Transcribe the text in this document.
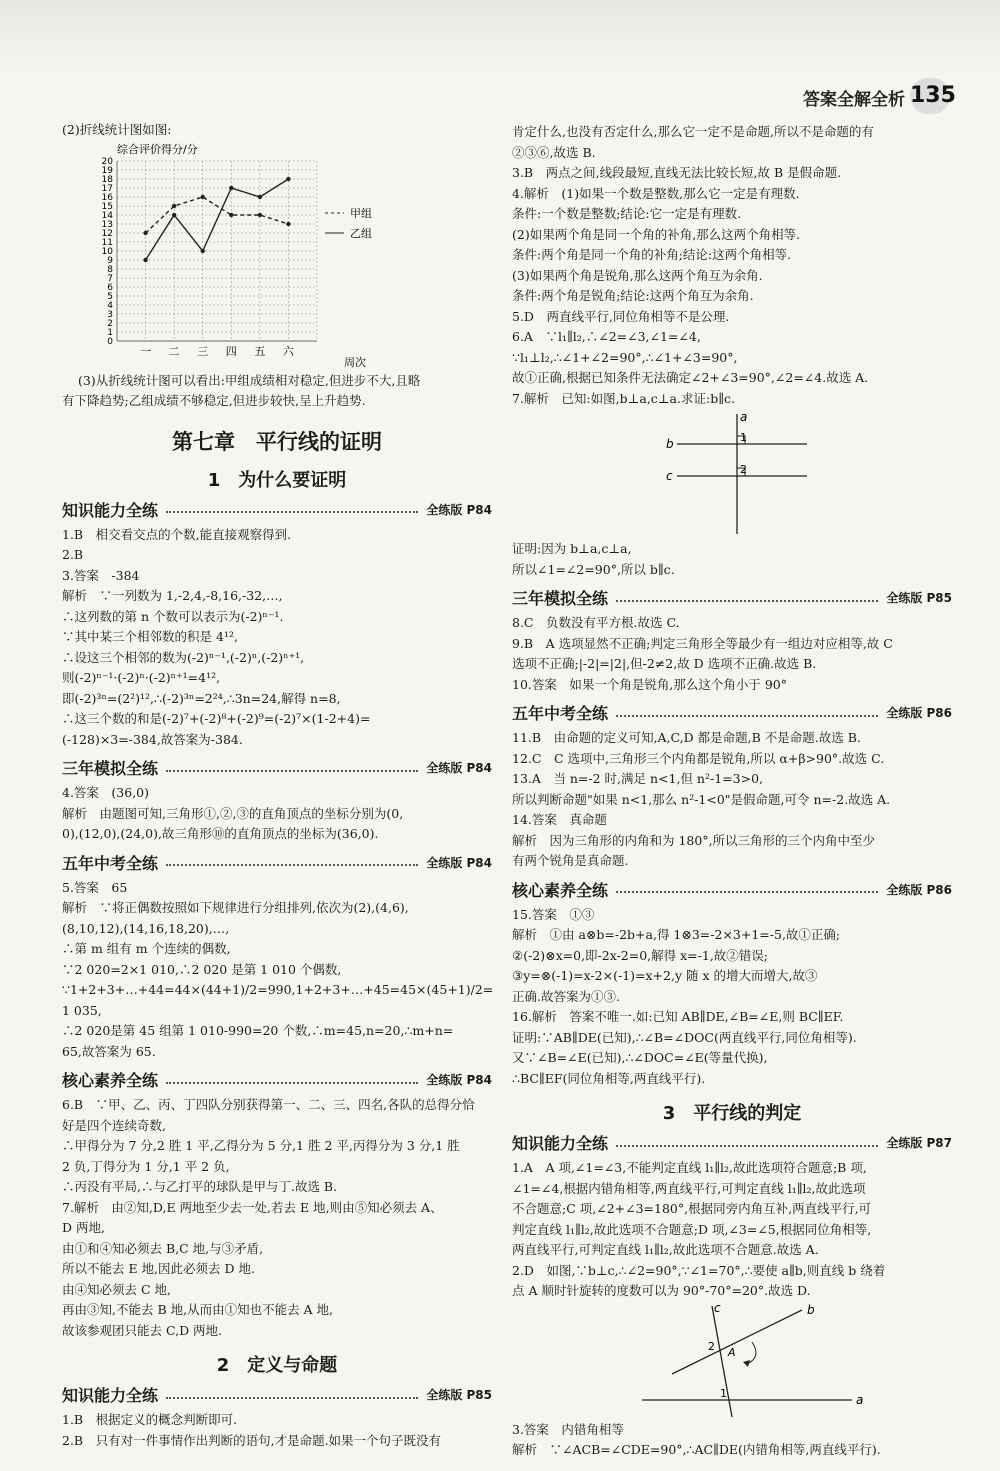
答案全解全析 135

(2)折线统计图如图:

综合评价得分/分
0
1
2
3
4
5
6
7
8
9
10
11
12
13
14
15
16
17
18
19
20
一 二 三 四 五 六
周次
甲组
乙组

(3)从折线统计图可以看出:甲组成绩相对稳定,但进步不大,且略

有下降趋势;乙组成绩不够稳定,但进步较快,呈上升趋势.

第七章　平行线的证明
1　为什么要证明
知识能力全练	全练版 P84

1.B　相交看交点的个数,能直接观察得到.

2.B

3.答案　-384

解析　∵一列数为 1,-2,4,-8,16,-32,…,

∴这列数的第 n 个数可以表示为(-2)ⁿ⁻¹.

∵其中某三个相邻数的积是 4¹²,

∴设这三个相邻的数为(-2)ⁿ⁻¹,(-2)ⁿ,(-2)ⁿ⁺¹,

则(-2)ⁿ⁻¹·(-2)ⁿ·(-2)ⁿ⁺¹=4¹²,

即(-2)³ⁿ=(2²)¹²,∴(-2)³ⁿ=2²⁴,∴3n=24,解得 n=8,

∴这三个数的和是(-2)⁷+(-2)⁸+(-2)⁹=(-2)⁷×(1-2+4)=

(-128)×3=-384,故答案为-384.

三年模拟全练	全练版 P84

4.答案　(36,0)

解析　由题图可知,三角形①,②,③的直角顶点的坐标分别为(0,

0),(12,0),(24,0),故三角形⑩的直角顶点的坐标为(36,0).

五年中考全练	全练版 P84

5.答案　65

解析　∵将正偶数按照如下规律进行分组排列,依次为(2),(4,6),

(8,10,12),(14,16,18,20),…,

∴第 m 组有 m 个连续的偶数,

∵2 020=2×1 010,∴2 020 是第 1 010 个偶数,

∵1+2+3+…+44=44×(44+1)/2=990,1+2+3+…+45=45×(45+1)/2=

1 035,

∴2 020是第 45 组第 1 010-990=20 个数,∴m=45,n=20,∴m+n=

65,故答案为 65.

核心素养全练	全练版 P84

6.B　∵甲、乙、丙、丁四队分别获得第一、二、三、四名,各队的总得分恰

好是四个连续奇数,

∴甲得分为 7 分,2 胜 1 平,乙得分为 5 分,1 胜 2 平,丙得分为 3 分,1 胜

2 负,丁得分为 1 分,1 平 2 负,

∴丙没有平局,∴与乙打平的球队是甲与丁.故选 B.

7.解析　由②知,D,E 两地至少去一处,若去 E 地,则由⑤知必须去 A、

D 两地,

由①和④知必须去 B,C 地,与③矛盾,

所以不能去 E 地,因此必须去 D 地.

由④知必须去 C 地,

再由③知,不能去 B 地,从而由①知也不能去 A 地,

故该参观团只能去 C,D 两地.

2　定义与命题
知识能力全练	全练版 P85

1.B　根据定义的概念判断即可.

2.B　只有对一件事情作出判断的语句,才是命题.如果一个句子既没有

肯定什么,也没有否定什么,那么它一定不是命题,所以不是命题的有

②③⑥,故选 B.

3.B　两点之间,线段最短,直线无法比较长短,故 B 是假命题.

4.解析　(1)如果一个数是整数,那么它一定是有理数.

条件:一个数是整数;结论:它一定是有理数.

(2)如果两个角是同一个角的补角,那么这两个角相等.

条件:两个角是同一个角的补角;结论:这两个角相等.

(3)如果两个角是锐角,那么这两个角互为余角.

条件:两个角是锐角;结论:这两个角互为余角.

5.D　两直线平行,同位角相等不是公理.

6.A　∵l₁∥l₂,∴∠2=∠3,∠1=∠4,

∵l₁⊥l₂,∴∠1+∠2=90°,∴∠1+∠3=90°,

故①正确,根据已知条件无法确定∠2+∠3=90°,∠2=∠4.故选 A.

7.解析　已知:如图,b⊥a,c⊥a.求证:b∥c.

a
b
c
1
2

证明:因为 b⊥a,c⊥a,

所以∠1=∠2=90°,所以 b∥c.

三年模拟全练	全练版 P85

8.C　负数没有平方根.故选 C.

9.B　A 选项显然不正确;判定三角形全等最少有一组边对应相等,故 C

选项不正确;|-2|=|2|,但-2≠2,故 D 选项不正确.故选 B.

10.答案　如果一个角是锐角,那么这个角小于 90°

五年中考全练	全练版 P86

11.B　由命题的定义可知,A,C,D 都是命题,B 不是命题.故选 B.

12.C　C 选项中,三角形三个内角都是锐角,所以 α+β>90°.故选 C.

13.A　当 n=-2 时,满足 n<1,但 n²-1=3>0,

所以判断命题"如果 n<1,那么 n²-1<0"是假命题,可令 n=-2.故选 A.

14.答案　真命题

解析　因为三角形的内角和为 180°,所以三角形的三个内角中至少

有两个锐角是真命题.

核心素养全练	全练版 P86

15.答案　①③

解析　①由 a⊗b=-2b+a,得 1⊗3=-2×3+1=-5,故①正确;

②(-2)⊗x=0,即-2x-2=0,解得 x=-1,故②错误;

③y=⊗(-1)=x-2×(-1)=x+2,y 随 x 的增大而增大,故③

正确.故答案为①③.

16.解析　答案不唯一.如:已知 AB∥DE,∠B=∠E,则 BC∥EF.

证明:∵AB∥DE(已知),∴∠B=∠DOC(两直线平行,同位角相等).

又∵∠B=∠E(已知),∴∠DOC=∠E(等量代换),

∴BC∥EF(同位角相等,两直线平行).

3　平行线的判定
知识能力全练	全练版 P87

1.A　A 项,∠1=∠3,不能判定直线 l₁∥l₂,故此选项符合题意;B 项,

∠1=∠4,根据内错角相等,两直线平行,可判定直线 l₁∥l₂,故此选项

不合题意;C 项,∠2+∠3=180°,根据同旁内角互补,两直线平行,可

判定直线 l₁∥l₂,故此选项不合题意;D 项,∠3=∠5,根据同位角相等,

两直线平行,可判定直线 l₁∥l₂,故此选项不合题意.故选 A.

2.D　如图,∵b⊥c,∴∠2=90°,∵∠1=70°,∴要使 a∥b,则直线 b 绕着

点 A 顺时针旋转的度数可以为 90°-70°=20°.故选 D.

c	b
a
A
2
1

3.答案　内错角相等

解析　∵∠ACB=∠CDE=90°,∴AC∥DE(内错角相等,两直线平行).
